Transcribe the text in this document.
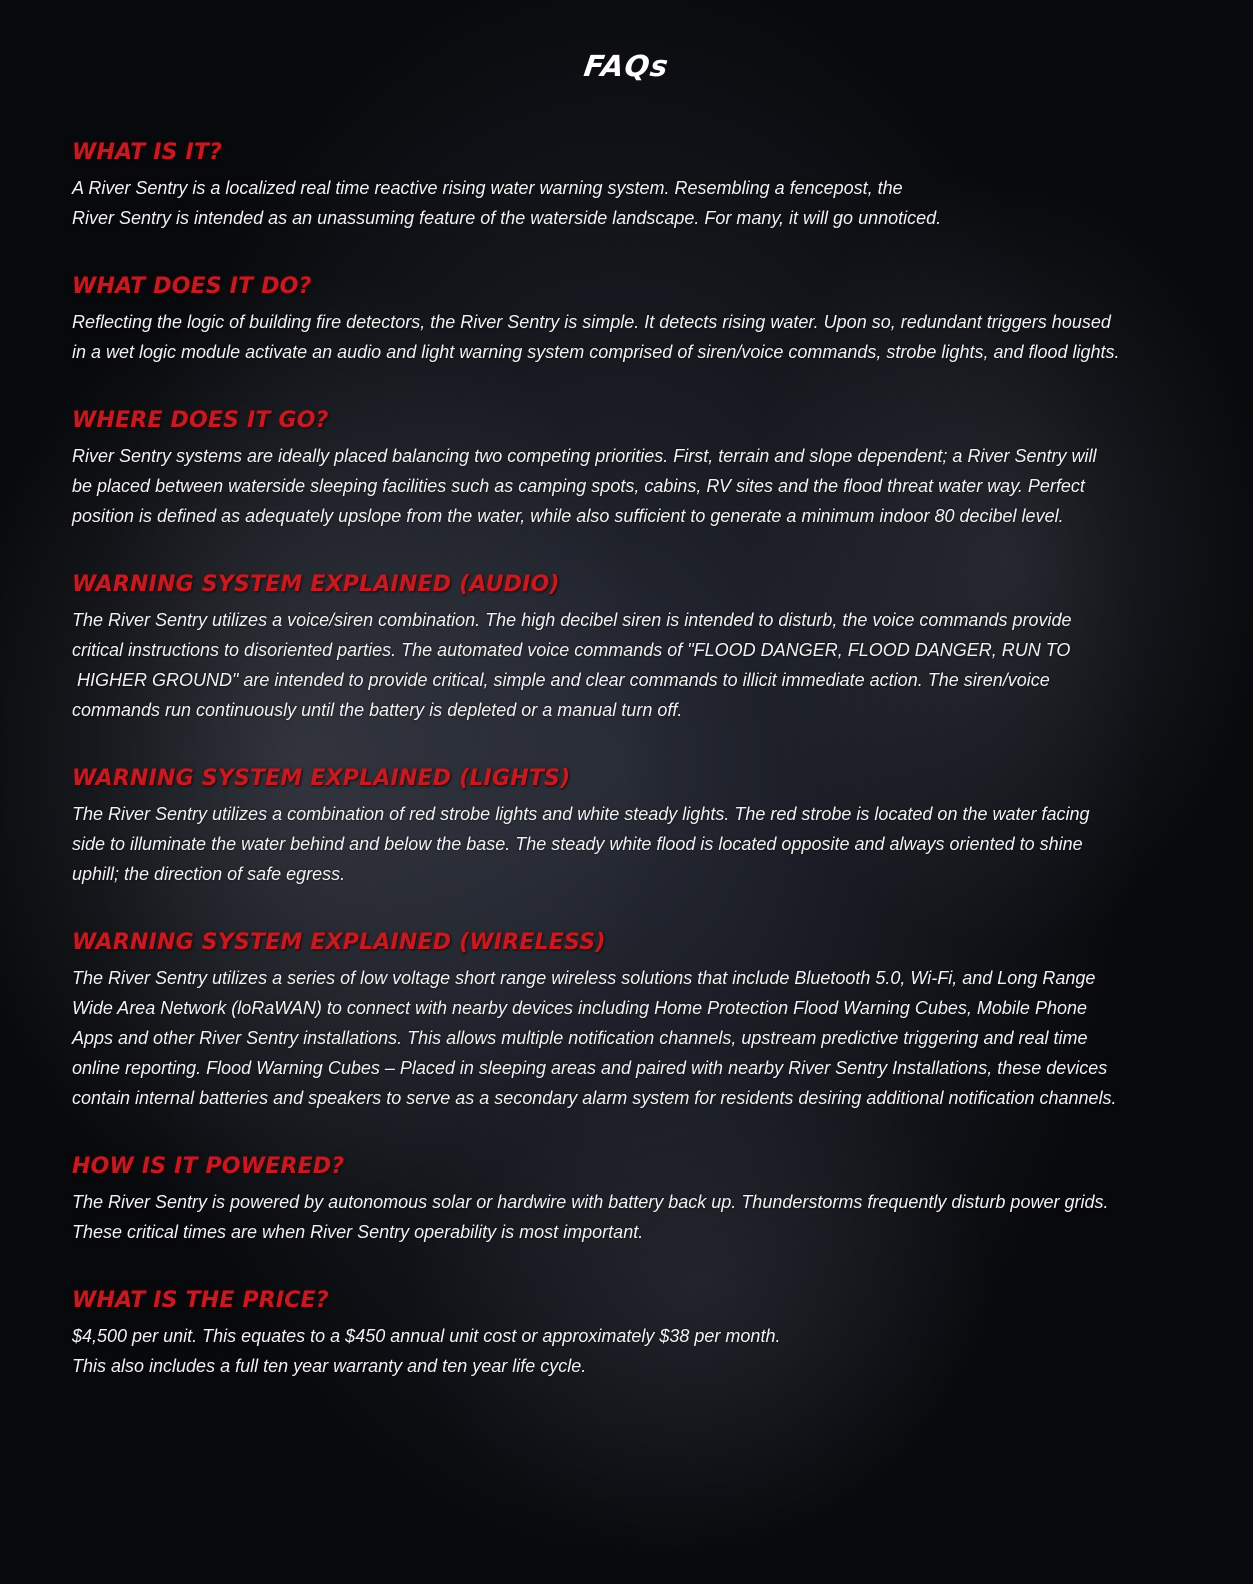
FAQs
WHAT IS IT?

A River Sentry is a localized real time reactive rising water warning system. Resembling a fencepost, the
River Sentry is intended as an unassuming feature of the waterside landscape. For many, it will go unnoticed.

WHAT DOES IT DO?

Reflecting the logic of building fire detectors, the River Sentry is simple. It detects rising water. Upon so, redundant triggers housed
in a wet logic module activate an audio and light warning system comprised of siren/voice commands, strobe lights, and flood lights.

WHERE DOES IT GO?

River Sentry systems are ideally placed balancing two competing priorities. First, terrain and slope dependent; a River Sentry will
be placed between waterside sleeping facilities such as camping spots, cabins, RV sites and the flood threat water way. Perfect
position is defined as adequately upslope from the water, while also sufficient to generate a minimum indoor 80 decibel level.

WARNING SYSTEM EXPLAINED (AUDIO)

The River Sentry utilizes a voice/siren combination. The high decibel siren is intended to disturb, the voice commands provide
critical instructions to disoriented parties. The automated voice commands of "FLOOD DANGER, FLOOD DANGER, RUN TO
HIGHER GROUND" are intended to provide critical, simple and clear commands to illicit immediate action. The siren/voice
commands run continuously until the battery is depleted or a manual turn off.

WARNING SYSTEM EXPLAINED (LIGHTS)

The River Sentry utilizes a combination of red strobe lights and white steady lights. The red strobe is located on the water facing
side to illuminate the water behind and below the base. The steady white flood is located opposite and always oriented to shine
uphill; the direction of safe egress.

WARNING SYSTEM EXPLAINED (WIRELESS)

The River Sentry utilizes a series of low voltage short range wireless solutions that include Bluetooth 5.0, Wi-Fi, and Long Range
Wide Area Network (loRaWAN) to connect with nearby devices including Home Protection Flood Warning Cubes, Mobile Phone
Apps and other River Sentry installations. This allows multiple notification channels, upstream predictive triggering and real time
online reporting. Flood Warning Cubes – Placed in sleeping areas and paired with nearby River Sentry Installations, these devices
contain internal batteries and speakers to serve as a secondary alarm system for residents desiring additional notification channels.

HOW IS IT POWERED?

The River Sentry is powered by autonomous solar or hardwire with battery back up. Thunderstorms frequently disturb power grids.
These critical times are when River Sentry operability is most important.

WHAT IS THE PRICE?

$4,500 per unit. This equates to a $450 annual unit cost or approximately $38 per month.
This also includes a full ten year warranty and ten year life cycle.
